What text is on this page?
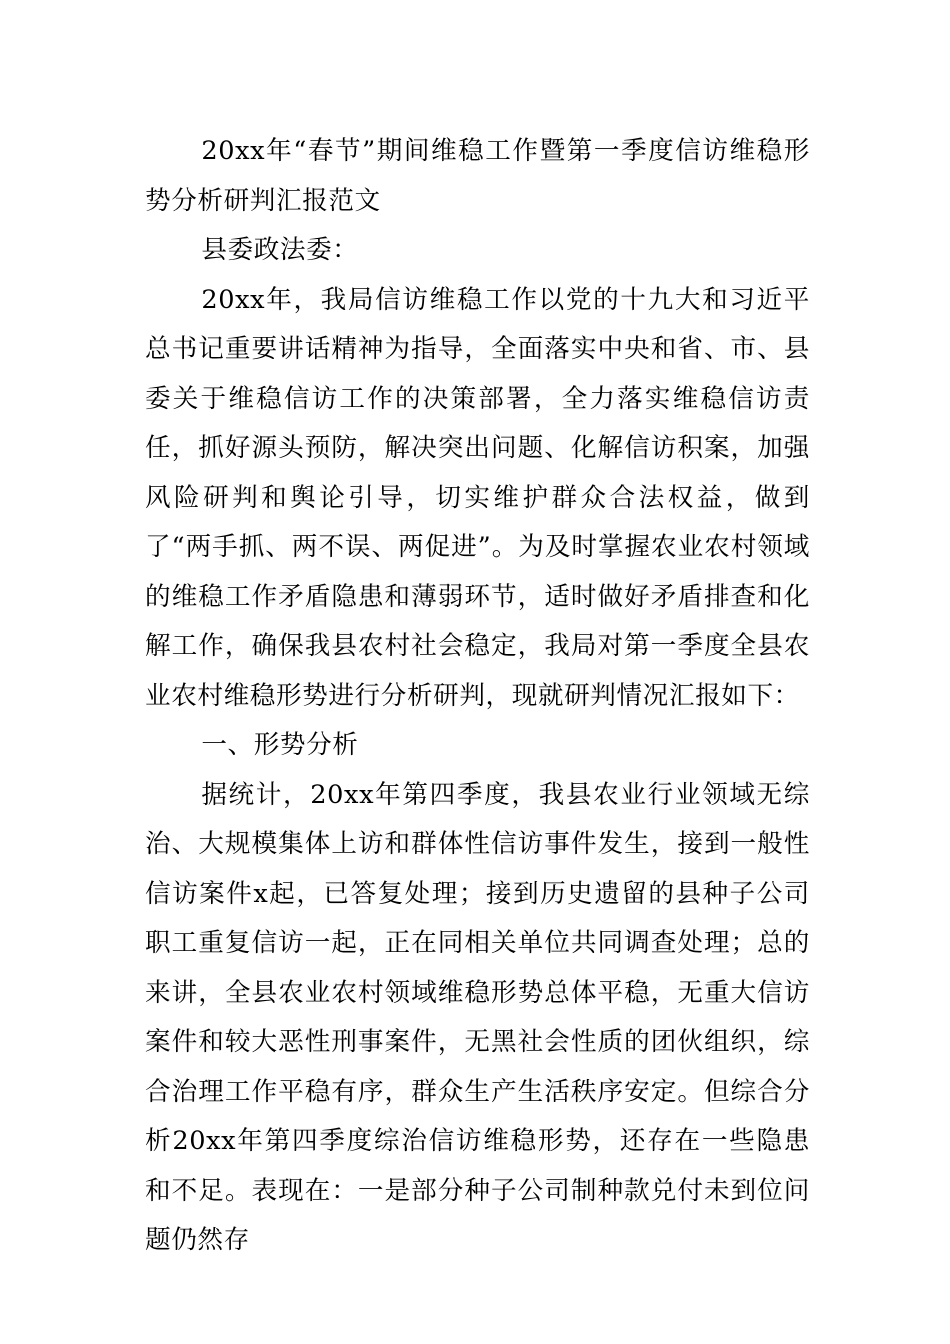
20xx年“春节”期间维稳工作暨第一季度信访维稳形势分析研判汇报范文

县委政法委：

20xx年，我局信访维稳工作以党的十九大和习近平总书记重要讲话精神为指导，全面落实中央和省、市、县委关于维稳信访工作的决策部署，全力落实维稳信访责任，抓好源头预防，解决突出问题、化解信访积案，加强风险研判和舆论引导，切实维护群众合法权益，做到了“两手抓、两不误、两促进”。为及时掌握农业农村领域的维稳工作矛盾隐患和薄弱环节，适时做好矛盾排查和化解工作，确保我县农村社会稳定，我局对第一季度全县农业农村维稳形势进行分析研判，现就研判情况汇报如下：

一、形势分析

据统计，20xx年第四季度，我县农业行业领域无综治、大规模集体上访和群体性信访事件发生，接到一般性信访案件x起，已答复处理；接到历史遗留的县种子公司职工重复信访一起，正在同相关单位共同调查处理；总的来讲，全县农业农村领域维稳形势总体平稳，无重大信访案件和较大恶性刑事案件，无黑社会性质的团伙组织，综合治理工作平稳有序，群众生产生活秩序安定。但综合分析20xx年第四季度综治信访维稳形势，还存在一些隐患和不足。表现在：一是部分种子公司制种款兑付未到位问题仍然存
